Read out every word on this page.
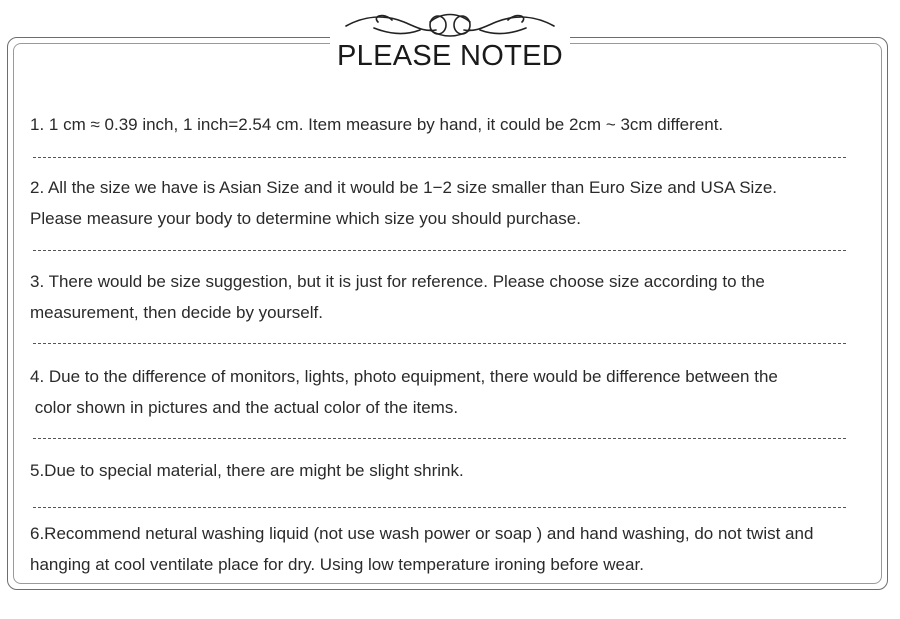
PLEASE NOTED

1. 1 cm ≈ 0.39 inch, 1 inch=2.54 cm. Item measure by hand, it could be 2cm ~ 3cm different.

2. All the size we have is Asian Size and it would be 1−2 size smaller than Euro Size and USA Size.
Please measure your body to determine which size you should purchase.

3. There would be size suggestion, but it is just for reference. Please choose size according to the
measurement, then decide by yourself.

4. Due to the difference of monitors, lights, photo equipment, there would be difference between the
color shown in pictures and the actual color of the items.

5.Due to special material, there are might be slight shrink.

6.Recommend netural washing liquid (not use wash power or soap ) and hand washing, do not twist and
hanging at cool ventilate place for dry. Using low temperature ironing before wear.
